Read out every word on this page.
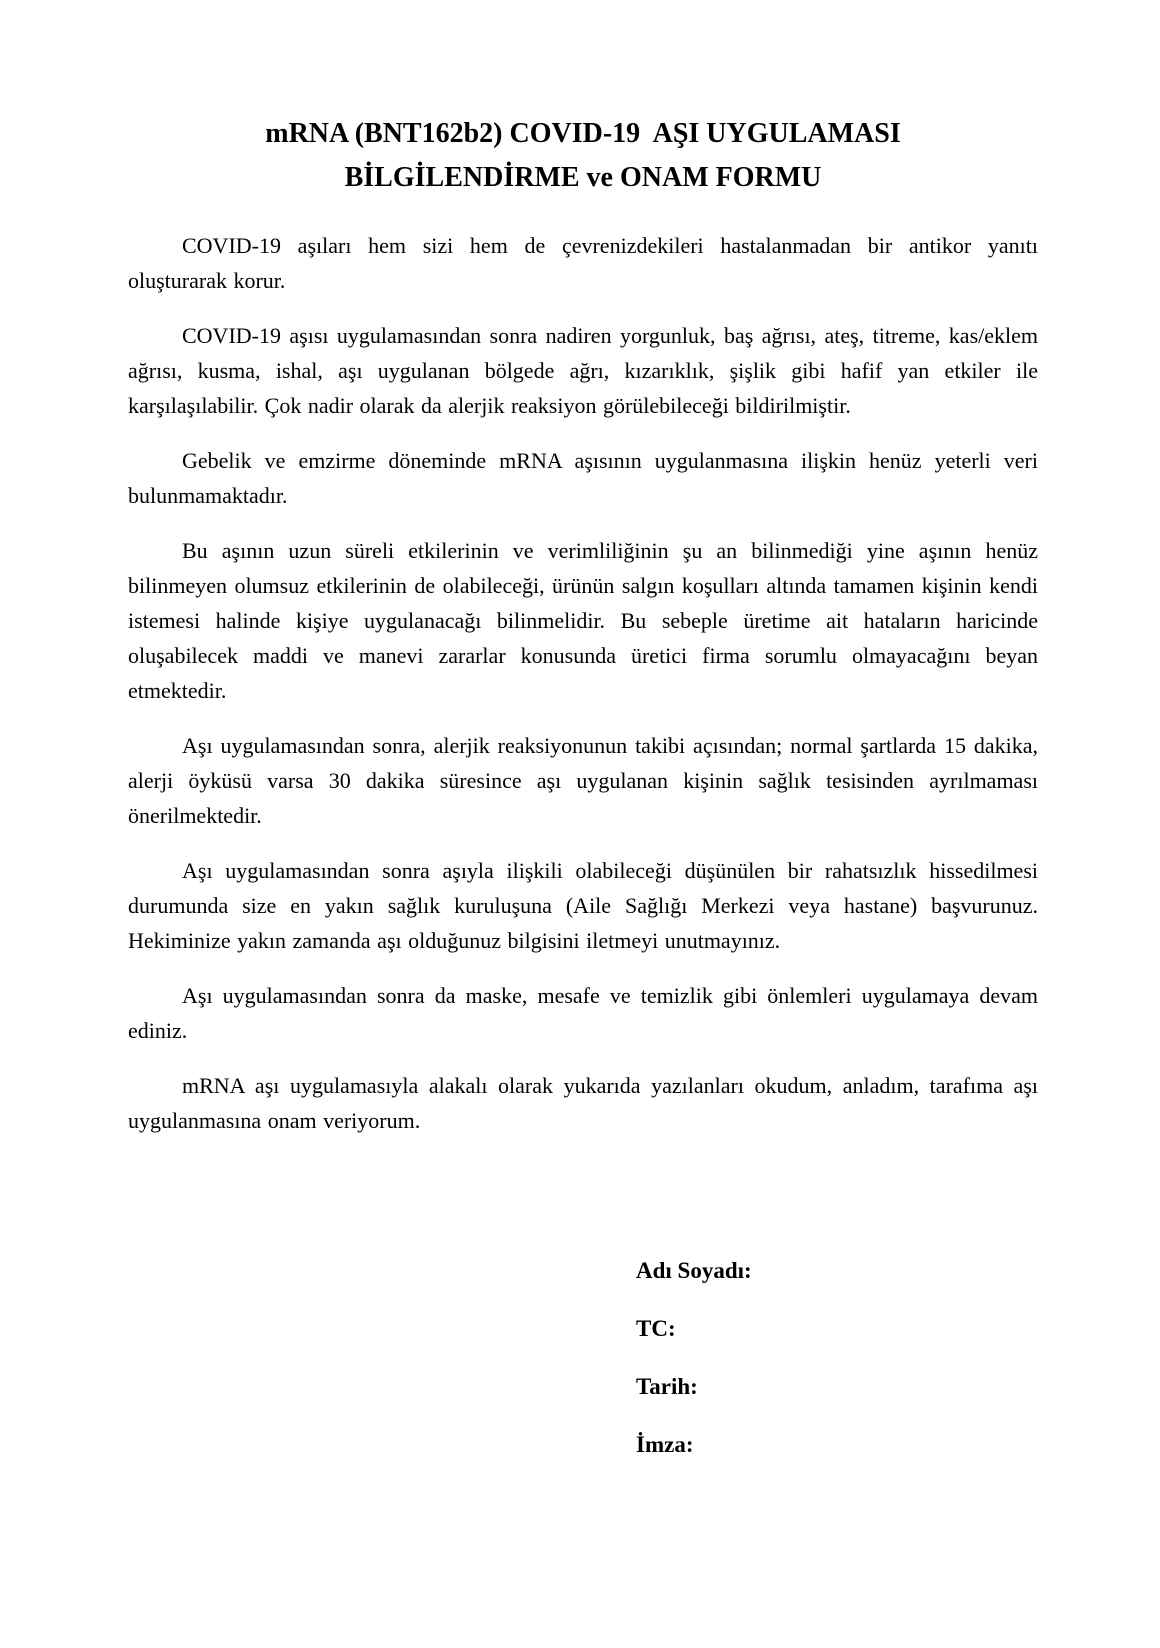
mRNA (BNT162b2) COVID-19  AŞI UYGULAMASI
BİLGİLENDİRME ve ONAM FORMU

COVID-19 aşıları hem sizi hem de çevrenizdekileri hastalanmadan bir antikor yanıtı oluşturarak korur.

COVID-19 aşısı uygulamasından sonra nadiren yorgunluk, baş ağrısı, ateş, titreme, kas/eklem ağrısı, kusma, ishal, aşı uygulanan bölgede ağrı, kızarıklık, şişlik gibi hafif yan etkiler ile karşılaşılabilir. Çok nadir olarak da alerjik reaksiyon görülebileceği bildirilmiştir.

Gebelik ve emzirme döneminde mRNA aşısının uygulanmasına ilişkin henüz yeterli veri bulunmamaktadır.

Bu aşının uzun süreli etkilerinin ve verimliliğinin şu an bilinmediği yine aşının henüz bilinmeyen olumsuz etkilerinin de olabileceği, ürünün salgın koşulları altında tamamen kişinin kendi istemesi halinde kişiye uygulanacağı bilinmelidir. Bu sebeple üretime ait hataların haricinde oluşabilecek maddi ve manevi zararlar konusunda üretici firma sorumlu olmayacağını beyan etmektedir.

Aşı uygulamasından sonra, alerjik reaksiyonunun takibi açısından; normal şartlarda 15 dakika, alerji öyküsü varsa 30 dakika süresince aşı uygulanan kişinin sağlık tesisinden ayrılmaması önerilmektedir.

Aşı uygulamasından sonra aşıyla ilişkili olabileceği düşünülen bir rahatsızlık hissedilmesi durumunda size en yakın sağlık kuruluşuna (Aile Sağlığı Merkezi veya hastane) başvurunuz. Hekiminize yakın zamanda aşı olduğunuz bilgisini iletmeyi unutmayınız.

Aşı uygulamasından sonra da maske, mesafe ve temizlik gibi önlemleri uygulamaya devam ediniz.

mRNA aşı uygulamasıyla alakalı olarak yukarıda yazılanları okudum, anladım, tarafıma aşı uygulanmasına onam veriyorum.

Adı Soyadı:
TC:
Tarih:
İmza:
